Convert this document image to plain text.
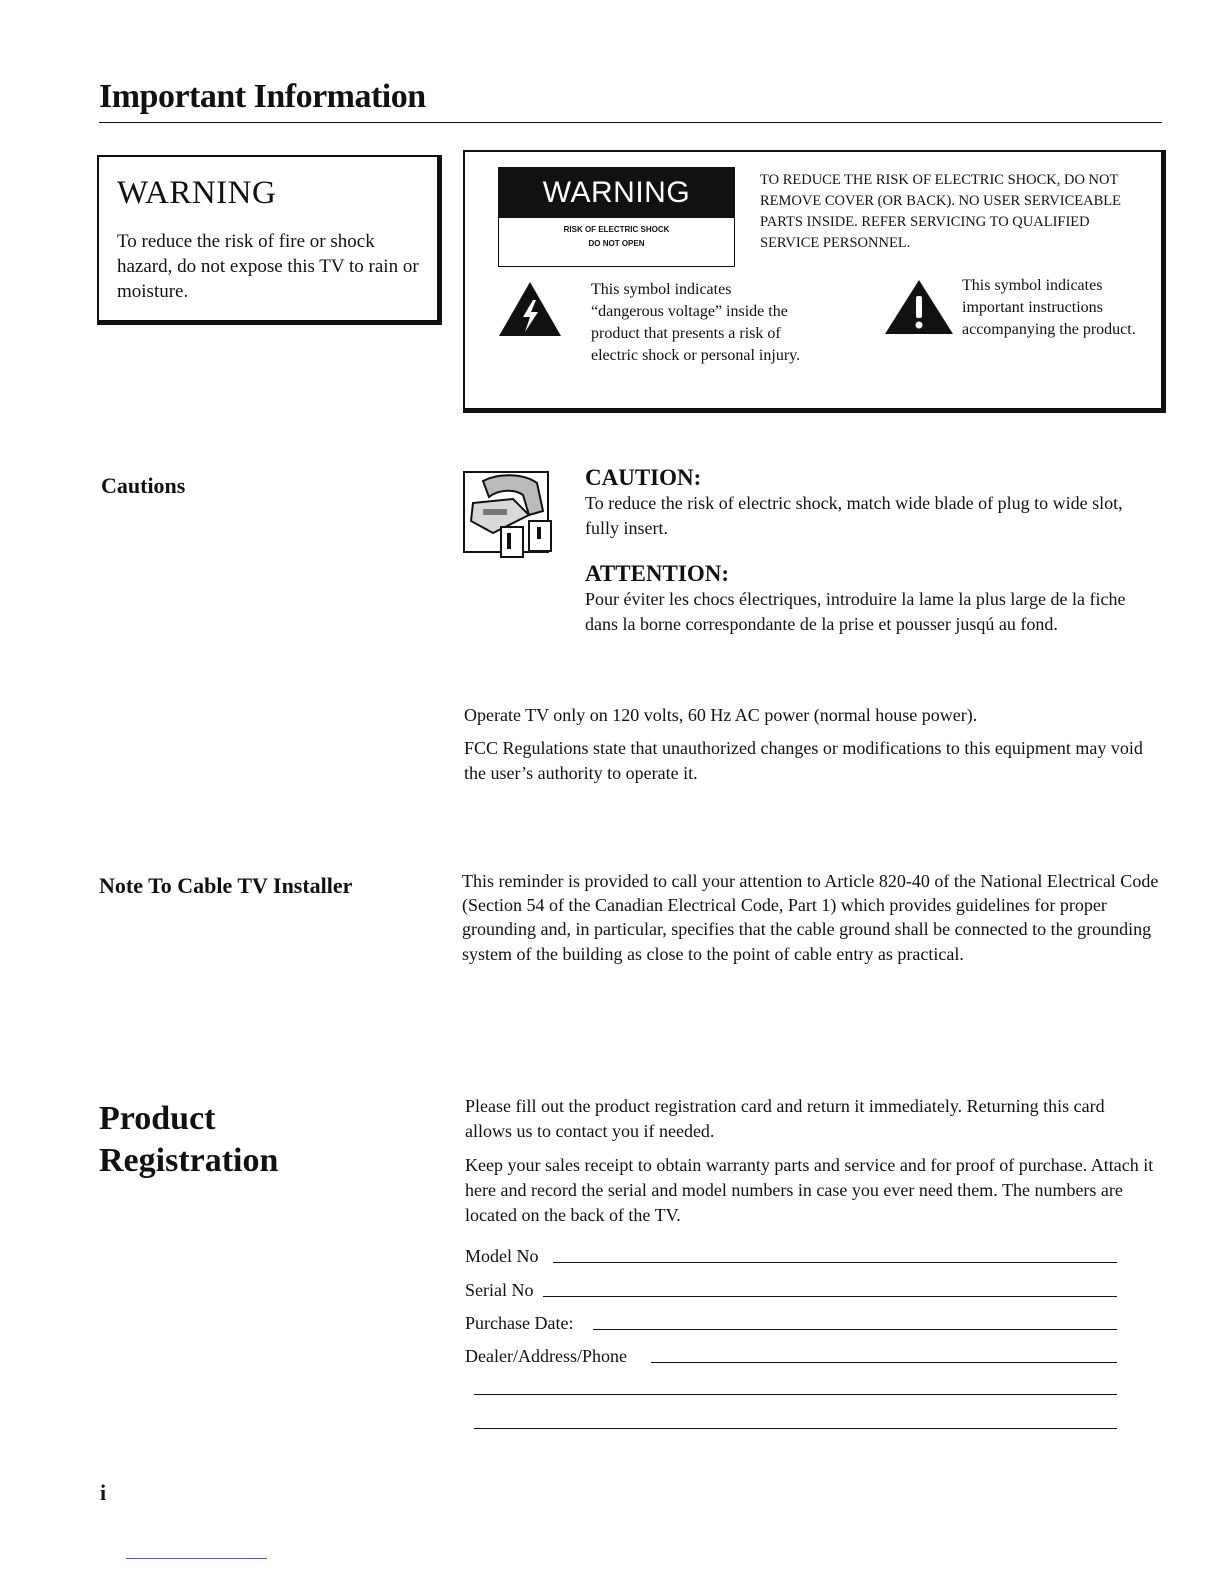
Important Information
WARNING
To reduce the risk of fire or shock hazard, do not expose this TV to rain or moisture.
WARNING
RISK OF ELECTRIC SHOCK
DO NOT OPEN
TO REDUCE THE RISK OF ELECTRIC SHOCK, DO NOT REMOVE COVER (OR BACK). NO USER SERVICEABLE PARTS INSIDE. REFER SERVICING TO QUALIFIED SERVICE PERSONNEL.
This symbol indicates “dangerous voltage” inside the product that presents a risk of electric shock or personal injury.
This symbol indicates important instructions accompanying the product.
Cautions	CAUTION:
To reduce the risk of electric shock, match wide blade of plug to wide slot, fully insert.
ATTENTION:
Pour éviter les chocs électriques, introduire la lame la plus large de la fiche dans la borne correspondante de la prise et pousser jusqú au fond.
Operate TV only on 120 volts, 60 Hz AC power (normal house power).
FCC Regulations state that unauthorized changes or modifications to this equipment may void the user’s authority to operate it.
Note To Cable TV Installer	This reminder is provided to call your attention to Article 820-40 of the National Electrical Code (Section 54 of the Canadian Electrical Code, Part 1) which provides guidelines for proper grounding and, in particular, specifies that the cable ground shall be connected to the grounding system of the building as close to the point of cable entry as practical.
Product
Registration
Please fill out the product registration card and return it immediately. Returning this card allows us to contact you if needed.
Keep your sales receipt to obtain warranty parts and service and for proof of purchase. Attach it here and record the serial and model numbers in case you ever need them. The numbers are located on the back of the TV.
Model No
Serial No
Purchase Date:
Dealer/Address/Phone
i
